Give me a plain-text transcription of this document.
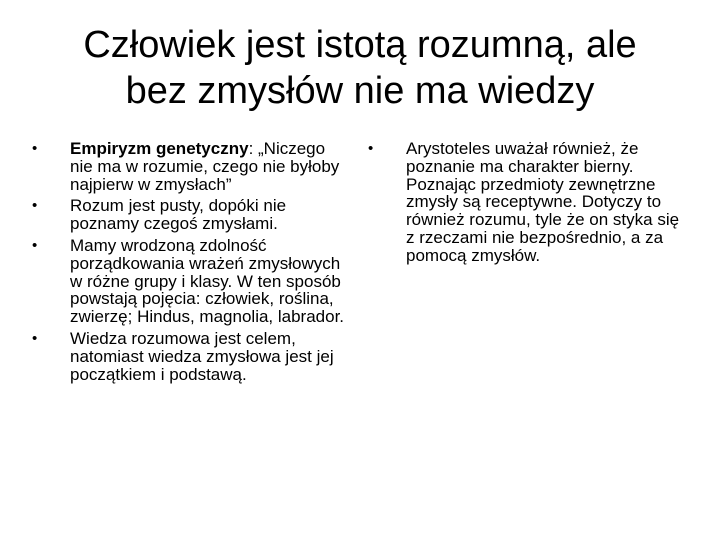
Człowiek jest istotą rozumną, ale
bez zmysłów nie ma wiedzy
• Empiryzm genetyczny: „Niczego nie ma w rozumie, czego nie byłoby najpierw w zmysłach”
• Rozum jest pusty, dopóki nie poznamy czegoś zmysłami.
• Mamy wrodzoną zdolność porządkowania wrażeń zmysłowych w różne grupy i klasy. W ten sposób powstają pojęcia: człowiek, roślina, zwierzę; Hindus, magnolia, labrador.
• Wiedza rozumowa jest celem, natomiast wiedza zmysłowa jest jej początkiem i podstawą.
• Arystoteles uważał również, że poznanie ma charakter bierny. Poznając przedmioty zewnętrzne zmysły są receptywne. Dotyczy to również rozumu, tyle że on styka się z rzeczami nie bezpośrednio, a za pomocą zmysłów.
